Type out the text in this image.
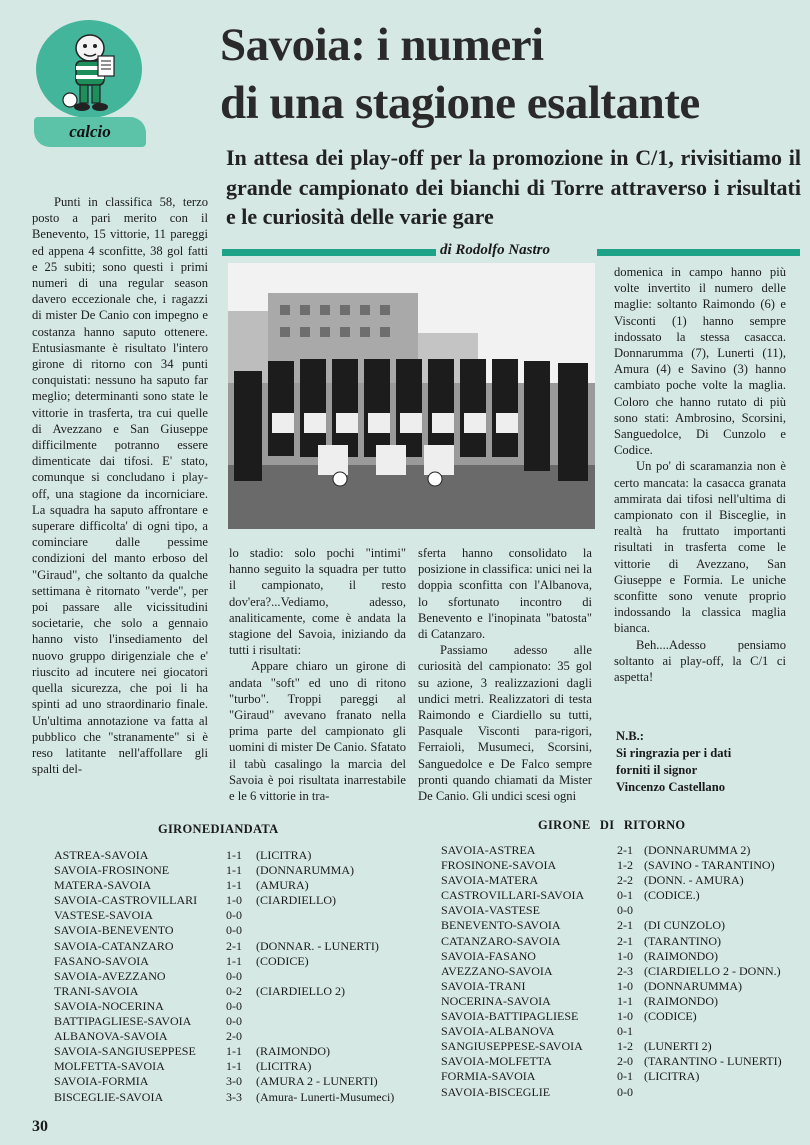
calcio
Savoia: i numeri
di una stagione esaltante

In attesa dei play-off per la promozione in C/1, rivisitiamo il grande campionato dei bianchi di Torre attraverso i risultati e le curiosità delle varie gare

di Rodolfo Nastro

Punti in classifica 58, terzo posto a pari merito con il Benevento, 15 vittorie, 11 pareggi ed appena 4 sconfitte, 38 gol fatti e 25 subiti; sono questi i primi numeri di una regular season davero eccezionale che, i ragazzi di mister De Canio con impegno e costanza hanno saputo ottenere. Entusiasmante è risultato l'intero girone di ritorno con 34 punti conquistati: nessuno ha saputo far meglio; determinanti sono state le vittorie in trasferta, tra cui quelle di Avezzano e San Giuseppe difficilmente potranno essere dimenticate dai tifosi. E' stato, comunque si concludano i play-off, una stagione da incorniciare. La squadra ha saputo affrontare e superare difficolta' di ogni tipo, a cominciare dalle pessime condizioni del manto erboso del "Giraud", che soltanto da qualche settimana è ritornato "verde", per poi passare alle vicissitudini societarie, che solo a gennaio hanno visto l'insediamento del nuovo gruppo dirigenziale che e' riuscito ad incutere nei giocatori quella sicurezza, che poi li ha spinti ad uno straordinario finale. Un'ultima annotazione va fatta al pubblico che "stranamente" si è reso latitante nell'affollare gli spalti del-

lo stadio: solo pochi "intimi" hanno seguito la squadra per tutto il campionato, il resto dov'era?...Vediamo, adesso, analiticamente, come è andata la stagione del Savoia, iniziando da tutti i risultati:

Appare chiaro un girone di andata "soft" ed uno di ritono "turbo". Troppi pareggi al "Giraud" avevano franato nella prima parte del campionato gli uomini di mister De Canio. Sfatato il tabù casalingo la marcia del Savoia è poi risultata inarrestabile e le 6 vittorie in tra-

sferta hanno consolidato la posizione in classifica: unici nei la doppia sconfitta con l'Albanova, lo sfortunato incontro di Benevento e l'inopinata "batosta" di Catanzaro.

Passiamo adesso alle curiosità del campionato: 35 gol su azione, 3 realizzazioni dagli undici metri. Realizzatori di testa Raimondo e Ciardiello su tutti, Pasquale Visconti para-rigori, Ferraioli, Musumeci, Scorsini, Sanguedolce e De Falco sempre pronti quando chiamati da Mister De Canio. Gli undici scesi ogni

domenica in campo hanno più volte invertito il numero delle maglie: soltanto Raimondo (6) e Visconti (1) hanno sempre indossato la stessa casacca. Donnarumma (7), Lunerti (11), Amura (4) e Savino (3) hanno cambiato poche volte la maglia. Coloro che hanno rutato di più sono stati: Ambrosino, Scorsini, Sanguedolce, Di Cunzolo e Codice.

Un po' di scaramanzia non è certo mancata: la casacca granata ammirata dai tifosi nell'ultima di campionato con il Bisceglie, in realtà ha fruttato importanti risultati in trasferta come le vittorie di Avezzano, San Giuseppe e Formia. Le uniche sconfitte sono venute proprio indossando la classica maglia bianca.

Beh....Adesso pensiamo soltanto ai play-off, la C/1 ci aspetta!

N.B.:
Si ringrazia per i dati
forniti il signor
Vincenzo Castellano
GIRONEDIANDATA
ASTREA-SAVOIA	1-1	(LICITRA)
SAVOIA-FROSINONE	1-1	(DONNARUMMA)
MATERA-SAVOIA	1-1	(AMURA)
SAVOIA-CASTROVILLARI	1-0	(CIARDIELLO)
VASTESE-SAVOIA	0-0	
SAVOIA-BENEVENTO	0-0	
SAVOIA-CATANZARO	2-1	(DONNAR. - LUNERTI)
FASANO-SAVOIA	1-1	(CODICE)
SAVOIA-AVEZZANO	0-0	
TRANI-SAVOIA	0-2	(CIARDIELLO 2)
SAVOIA-NOCERINA	0-0	
BATTIPAGLIESE-SAVOIA	0-0	
ALBANOVA-SAVOIA	2-0	
SAVOIA-SANGIUSEPPESE	1-1	(RAIMONDO)
MOLFETTA-SAVOIA	1-1	(LICITRA)
SAVOIA-FORMIA	3-0	(AMURA 2 - LUNERTI)
BISCEGLIE-SAVOIA	3-3	(Amura- Lunerti-Musumeci)
GIRONE DI RITORNO
SAVOIA-ASTREA	2-1	(DONNARUMMA 2)
FROSINONE-SAVOIA	1-2	(SAVINO - TARANTINO)
SAVOIA-MATERA	2-2	(DONN. - AMURA)
CASTROVILLARI-SAVOIA	0-1	(CODICE.)
SAVOIA-VASTESE	0-0	
BENEVENTO-SAVOIA	2-1	(DI CUNZOLO)
CATANZARO-SAVOIA	2-1	(TARANTINO)
SAVOIA-FASANO	1-0	(RAIMONDO)
AVEZZANO-SAVOIA	2-3	(CIARDIELLO 2 - DONN.)
SAVOIA-TRANI	1-0	(DONNARUMMA)
NOCERINA-SAVOIA	1-1	(RAIMONDO)
SAVOIA-BATTIPAGLIESE	1-0	(CODICE)
SAVOIA-ALBANOVA	0-1	
SANGIUSEPPESE-SAVOIA	1-2	(LUNERTI 2)
SAVOIA-MOLFETTA	2-0	(TARANTINO - LUNERTI)
FORMIA-SAVOIA	0-1	(LICITRA)
SAVOIA-BISCEGLIE	0-0	
30
